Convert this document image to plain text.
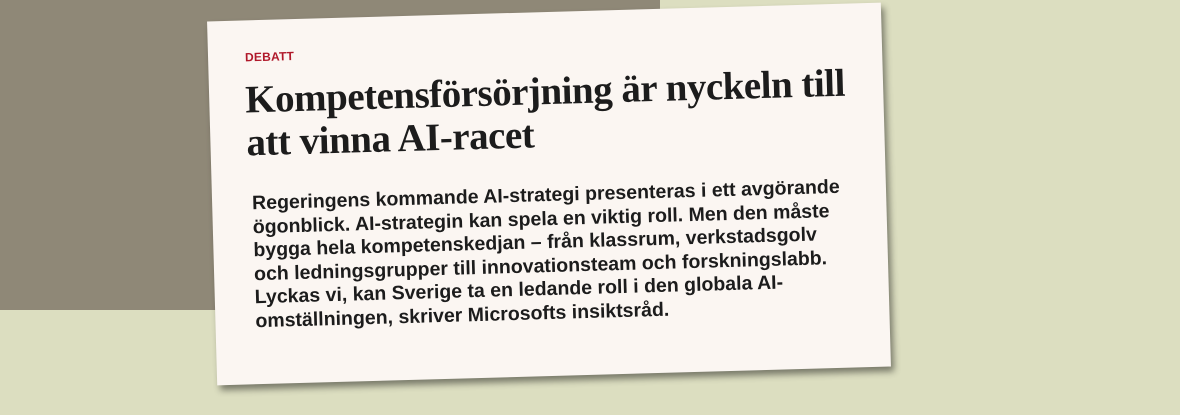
DEBATT
Kompetensförsörjning är nyckeln till att vinna AI-racet

Regeringens kommande AI-strategi presenteras i ett avgörande ögonblick. AI-strategin kan spela en viktig roll. Men den måste bygga hela kompetenskedjan – från klassrum, verkstadsgolv och ledningsgrupper till innovationsteam och forskningslabb. Lyckas vi, kan Sverige ta en ledande roll i den globala AI-omställningen, skriver Microsofts insiktsråd.
